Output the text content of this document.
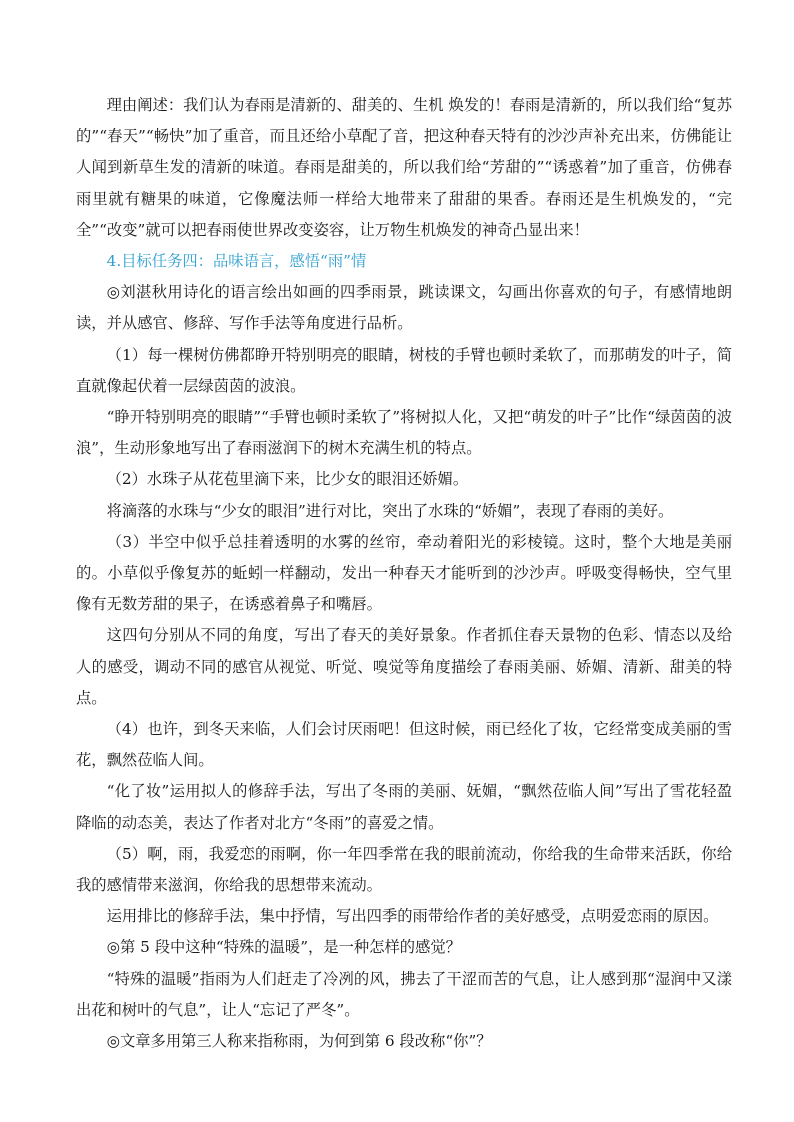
理由阐述：我们认为春雨是清新的、甜美的、生机 焕发的！春雨是清新的，所以我们给“复苏的”“春天”“畅快”加了重音，而且还给小草配了音，把这种春天特有的沙沙声补充出来，仿佛能让人闻到新草生发的清新的味道。春雨是甜美的，所以我们给“芳甜的”“诱惑着”加了重音，仿佛春雨里就有糖果的味道，它像魔法师一样给大地带来了甜甜的果香。春雨还是生机焕发的，“完全”“改变”就可以把春雨使世界改变姿容，让万物生机焕发的神奇凸显出来！

4.目标任务四：品味语言，感悟“雨”情

◎刘湛秋用诗化的语言绘出如画的四季雨景，跳读课文，勾画出你喜欢的句子，有感情地朗读，并从感官、修辞、写作手法等角度进行品析。

（1）每一棵树仿佛都睁开特别明亮的眼睛，树枝的手臂也顿时柔软了，而那萌发的叶子，简直就像起伏着一层绿茵茵的波浪。

“睁开特别明亮的眼睛”“手臂也顿时柔软了”将树拟人化，又把“萌发的叶子”比作“绿茵茵的波浪”，生动形象地写出了春雨滋润下的树木充满生机的特点。

（2）水珠子从花苞里滴下来，比少女的眼泪还娇媚。

将滴落的水珠与“少女的眼泪”进行对比，突出了水珠的“娇媚”，表现了春雨的美好。

（3）半空中似乎总挂着透明的水雾的丝帘，牵动着阳光的彩棱镜。这时，整个大地是美丽的。小草似乎像复苏的蚯蚓一样翻动，发出一种春天才能听到的沙沙声。呼吸变得畅快，空气里像有无数芳甜的果子，在诱惑着鼻子和嘴唇。

这四句分别从不同的角度，写出了春天的美好景象。作者抓住春天景物的色彩、情态以及给人的感受，调动不同的感官从视觉、听觉、嗅觉等角度描绘了春雨美丽、娇媚、清新、甜美的特点。

（4）也许，到冬天来临，人们会讨厌雨吧！但这时候，雨已经化了妆，它经常变成美丽的雪花，飘然莅临人间。

“化了妆”运用拟人的修辞手法，写出了冬雨的美丽、妩媚，“飘然莅临人间”写出了雪花轻盈降临的动态美，表达了作者对北方“冬雨”的喜爱之情。

（5）啊，雨，我爱恋的雨啊，你一年四季常在我的眼前流动，你给我的生命带来活跃，你给我的感情带来滋润，你给我的思想带来流动。

运用排比的修辞手法，集中抒情，写出四季的雨带给作者的美好感受，点明爱恋雨的原因。

◎第 5 段中这种“特殊的温暖”，是一种怎样的感觉？

“特殊的温暖”指雨为人们赶走了冷冽的风，拂去了干涩而苦的气息，让人感到那“湿润中又漾出花和树叶的气息”，让人“忘记了严冬”。

◎文章多用第三人称来指称雨，为何到第 6 段改称“你”？
